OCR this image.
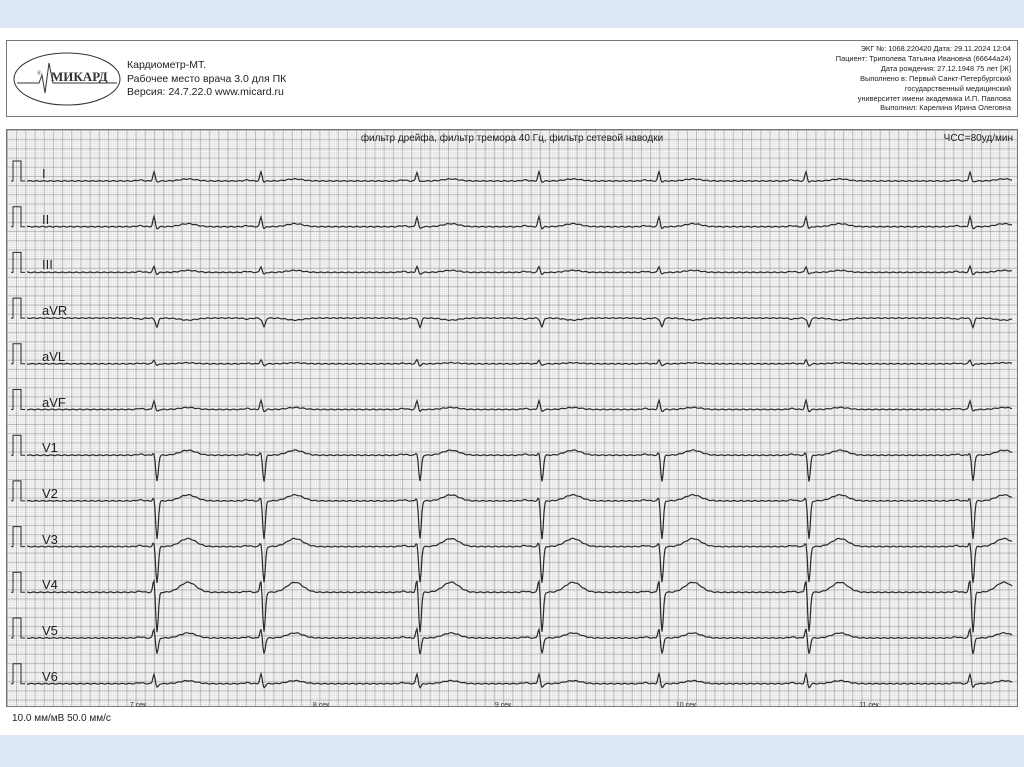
® МИКАРД
Кардиометр-МТ.
Рабочее место врача 3.0 для ПК
Версия: 24.7.22.0 www.micard.ru
ЭКГ №: 1068.220420 Дата: 29.11.2024 12:04
Пациент: Триполева Татьяна Ивановна (66644a24)
Дата рождения: 27.12.1948 75 лет [Ж]
Выполнено в: Первый Санкт-Петербургский
государственный медицинский
университет имени академика И.П. Павлова
Выполнил: Карелина Ирина Олеговна
фильтр дрейфа, фильтр тремора 40 Гц, фильтр сетевой наводки	ЧСС=80уд/мин
I
II
III
aVR
aVL
aVF
V1
V2
V3
V4
V5
V6
7 сек	8 сек	9 сек	10 сек	11 сек
10.0 мм/мВ 50.0 мм/с
